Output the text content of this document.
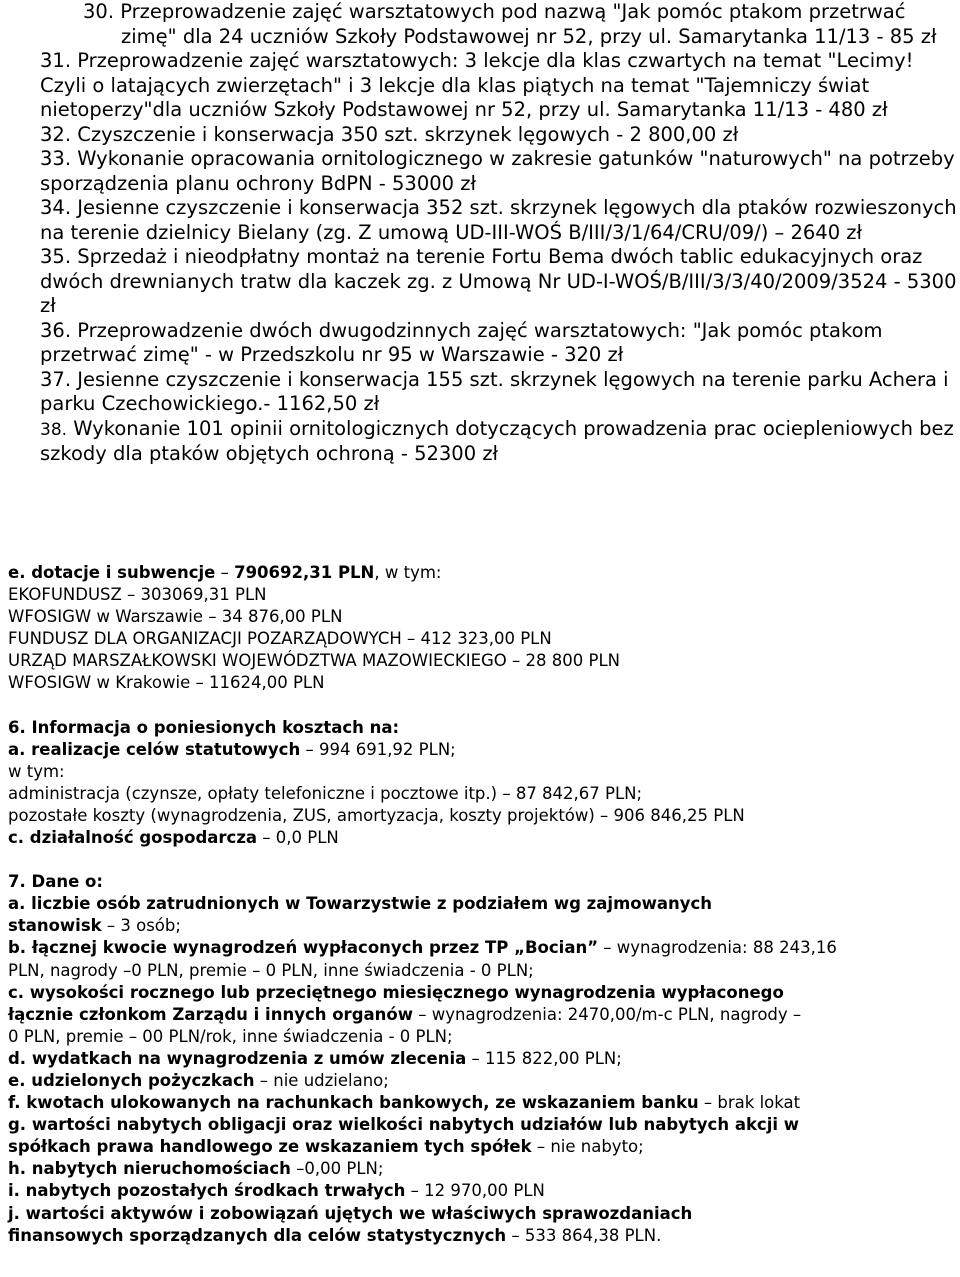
30. Przeprowadzenie zajęć warsztatowych pod nazwą "Jak pomóc ptakom przetrwać zimę" dla 24 uczniów Szkoły Podstawowej nr 52, przy ul. Samarytanka 11/13 - 85 zł
31. Przeprowadzenie zajęć warsztatowych: 3 lekcje dla klas czwartych na temat "Lecimy! Czyli o latających zwierzętach" i 3 lekcje dla klas piątych na temat "Tajemniczy świat nietoperzy"dla uczniów Szkoły Podstawowej nr 52, przy ul. Samarytanka 11/13 - 480 zł
32. Czyszczenie i konserwacja 350 szt. skrzynek lęgowych - 2 800,00 zł
33. Wykonanie opracowania ornitologicznego w zakresie gatunków "naturowych" na potrzeby sporządzenia planu ochrony BdPN - 53000 zł
34. Jesienne czyszczenie i konserwacja 352 szt. skrzynek lęgowych dla ptaków rozwieszonych na terenie dzielnicy Bielany (zg. Z umową UD-III-WOŚ B/III/3/1/64/CRU/09/) – 2640 zł
35. Sprzedaż i nieodpłatny montaż na terenie Fortu Bema dwóch tablic edukacyjnych oraz dwóch drewnianych tratw dla kaczek zg. z Umową Nr UD-I-WOŚ/B/III/3/3/40/2009/3524 - 5300 zł
36. Przeprowadzenie dwóch dwugodzinnych zajęć warsztatowych: "Jak pomóc ptakom przetrwać zimę" - w Przedszkolu nr 95 w Warszawie - 320 zł
37. Jesienne czyszczenie i konserwacja 155 szt. skrzynek lęgowych na terenie parku Achera i parku Czechowickiego.- 1162,50 zł
38. Wykonanie 101 opinii ornitologicznych dotyczących prowadzenia prac ociepleniowych bez szkody dla ptaków objętych ochroną - 52300 zł
e. dotacje i subwencje – 790692,31 PLN, w tym:
EKOFUNDUSZ – 303069,31 PLN
WFOSIGW w Warszawie – 34 876,00 PLN
FUNDUSZ DLA ORGANIZACJI POZARZĄDOWYCH – 412 323,00 PLN
URZĄD MARSZAŁKOWSKI WOJEWÓDZTWA MAZOWIECKIEGO – 28 800 PLN
WFOSIGW w Krakowie – 11624,00 PLN
6. Informacja o poniesionych kosztach na:
a. realizacje celów statutowych – 994 691,92 PLN;
w tym:
administracja (czynsze, opłaty telefoniczne i pocztowe itp.) – 87 842,67 PLN;
pozostałe koszty (wynagrodzenia, ZUS, amortyzacja, koszty projektów) – 906 846,25 PLN
c. działalność gospodarcza – 0,0 PLN
7. Dane o:
a. liczbie osób zatrudnionych w Towarzystwie z podziałem wg zajmowanych stanowisk – 3 osób;
b. łącznej kwocie wynagrodzeń wypłaconych przez TP „Bocian” – wynagrodzenia: 88 243,16 PLN, nagrody –0 PLN, premie – 0 PLN, inne świadczenia - 0 PLN;
c. wysokości rocznego lub przeciętnego miesięcznego wynagrodzenia wypłaconego łącznie członkom Zarządu i innych organów – wynagrodzenia: 2470,00/m-c PLN, nagrody – 0 PLN, premie – 00 PLN/rok, inne świadczenia - 0 PLN;
d. wydatkach na wynagrodzenia z umów zlecenia – 115 822,00 PLN;
e. udzielonych pożyczkach – nie udzielano;
f. kwotach ulokowanych na rachunkach bankowych, ze wskazaniem banku – brak lokat
g. wartości nabytych obligacji oraz wielkości nabytych udziałów lub nabytych akcji w spółkach prawa handlowego ze wskazaniem tych spółek – nie nabyto;
h. nabytych nieruchomościach –0,00 PLN;
i. nabytych pozostałych środkach trwałych – 12 970,00 PLN
j. wartości aktywów i zobowiązań ujętych we właściwych sprawozdaniach finansowych sporządzanych dla celów statystycznych – 533 864,38 PLN.
